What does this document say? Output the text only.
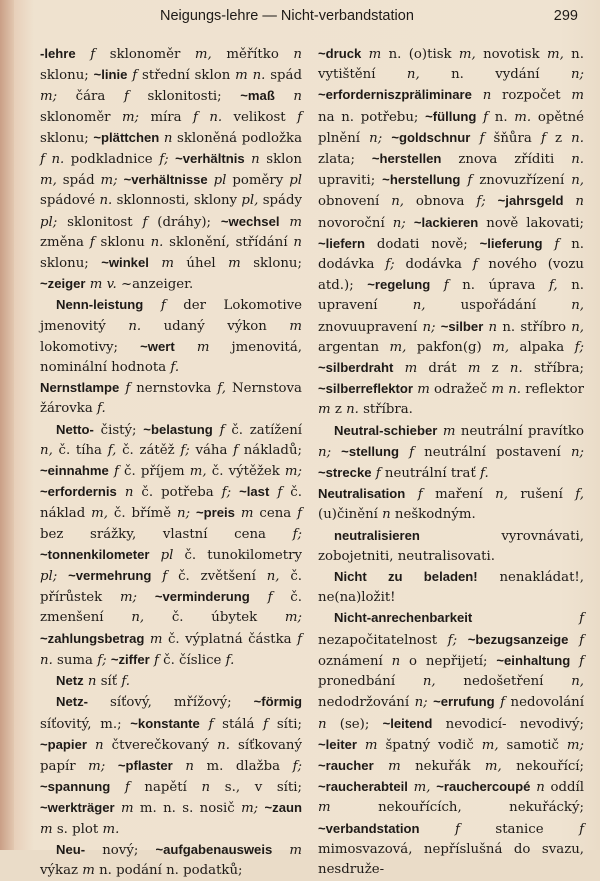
Neigungs-lehre — Nicht-verbandstation	299

-lehre f sklonoměr m, měřítko n sklonu; ~linie f střední sklon m n. spád m; čára f sklonitosti; ~maß n sklonoměr m; míra f n. velikost f sklonu; ~plättchen n skloněná podložka f n. podkladnice f; ~verhältnis n sklon m, spád m; ~verhältnisse pl poměry pl spádové n. sklonnosti, sklony pl, spády pl; sklonitost f (dráhy); ~wechsel m změna f sklonu n. sklonění, střídání n sklonu; ~winkel m úhel m sklonu; ~zeiger m v. ~anzeiger.

Nenn-leistung f der Lokomotive jmenovitý n. udaný výkon m lokomotivy; ~wert m jmenovitá, nominální hodnota f.

Nernstlampe f nernstovka f, Nernstova žárovka f.

Netto- čistý; ~belastung f č. zatížení n, č. tíha f, č. zátěž f; váha f nákladů; ~einnahme f č. příjem m, č. výtěžek m; ~erfordernis n č. potřeba f; ~last f č. náklad m, č. břímě n; ~preis m cena f bez srážky, vlastní cena f; ~tonnenkilometer pl č. tunokilometry pl; ~vermehrung f č. zvětšení n, č. přírůstek m; ~verminderung f č. zmenšení n, č. úbytek m; ~zahlungsbetrag m č. výplatná částka f n. suma f; ~ziffer f č. číslice f.

Netz n síť f.

Netz- síťový, mřížový; ~förmig síťovitý, m.; ~konstante f stálá f síti; ~papier n čtverečkovaný n. síťkovaný papír m; ~pflaster n m. dlažba f; ~spannung f napětí n s., v síti; ~werkträger m m. n. s. nosič m; ~zaun m s. plot m.

Neu- nový; ~aufgabenausweis m výkaz m n. podání n. podatků;

~druck m n. (o)tisk m, novotisk m, n. vytištění n, n. vydání n; ~erforderniszpräliminare n rozpočet m na n. potřebu; ~füllung f n. m. opětné plnění n; ~goldschnur f šňůra f z n. zlata; ~herstellen znova zříditi n. upraviti; ~herstellung f znovuzřízení n, obnovení n, obnova f; ~jahrsgeld n novoroční n; ~lackieren nově lakovati; ~liefern dodati nově; ~lieferung f n. dodávka f; dodávka f nového (vozu atd.); ~regelung f n. úprava f, n. upravení n, uspořádání n, znovuupravení n; ~silber n n. stříbro n, argentan m, pakfon(g) m, alpaka f; ~silberdraht m drát m z n. stříbra; ~silberreflektor m odražeč m n. reflektor m z n. stříbra.

Neutral-schieber m neutrální pravítko n; ~stellung f neutrální postavení n; ~strecke f neutrální trať f.

Neutralisation f maření n, rušení f, (u)činění n neškodným.

neutralisieren vyrovnávati, zobojetniti, neutralisovati.

Nicht zu beladen! nenakládat!, ne(na)ložit!

Nicht-anrechenbarkeit	f nezapočitatelnost f; ~bezugsanzeige f oznámení n o nepřijetí; ~einhaltung f pronedbání n, nedošetření n, nedodržování n; ~errufung f nedovolání n (se); ~leitend nevodicí- nevodivý; ~leiter m špatný vodič m, samotič m; ~raucher m nekuřák m, nekouřící; ~raucherabteil m, ~rauchercoupé n oddíl m nekouřících, nekuřácký; ~verbandstation	f stanice f mimosvazová, nepříslušná do svazu, nesdruže-
